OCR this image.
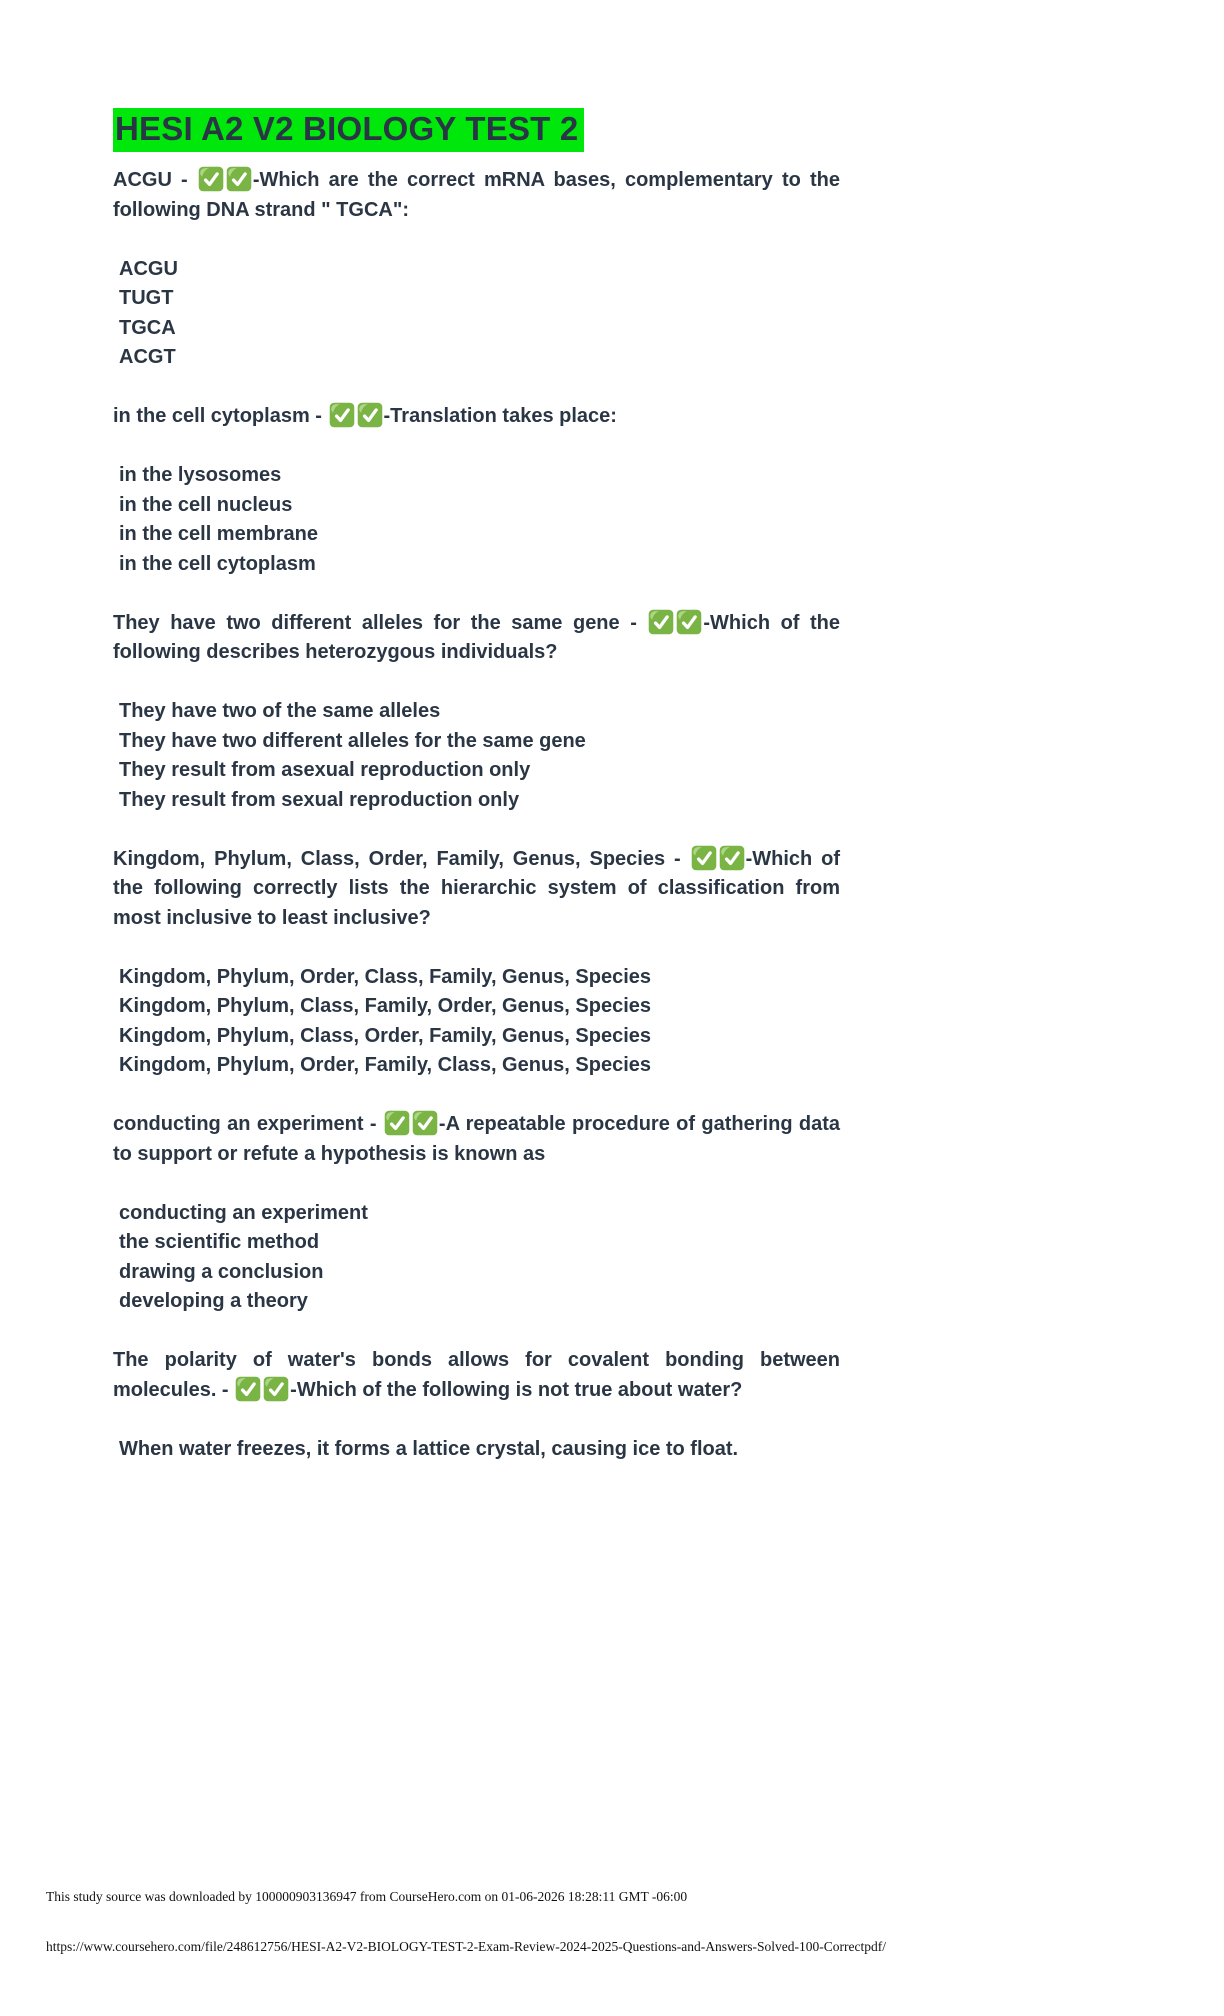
HESI A2 V2 BIOLOGY TEST 2

ACGU -	-Which are the correct mRNA bases, complementary to the following DNA strand " TGCA":

ACGU
TUGT
TGCA
ACGT

in the cell cytoplasm -	-Translation takes place:

in the lysosomes
in the cell nucleus
in the cell membrane
in the cell cytoplasm

They have two different alleles for the same gene -	-Which of the following describes heterozygous individuals?

They have two of the same alleles
They have two different alleles for the same gene
They result from asexual reproduction only
They result from sexual reproduction only

Kingdom, Phylum, Class, Order, Family, Genus, Species -	-Which of the following correctly lists the hierarchic system of classification from most inclusive to least inclusive?

Kingdom, Phylum, Order, Class, Family, Genus, Species
Kingdom, Phylum, Class, Family, Order, Genus, Species
Kingdom, Phylum, Class, Order, Family, Genus, Species
Kingdom, Phylum, Order, Family, Class, Genus, Species

conducting an experiment -	-A repeatable procedure of gathering data to support or refute a hypothesis is known as

conducting an experiment
the scientific method
drawing a conclusion
developing a theory

The polarity of water's bonds allows for covalent bonding between molecules. -	-Which of the following is not true about water?

When water freezes, it forms a lattice crystal, causing ice to float.
This study source was downloaded by 100000903136947 from CourseHero.com on 01-06-2026 18:28:11 GMT -06:00
https://www.coursehero.com/file/248612756/HESI-A2-V2-BIOLOGY-TEST-2-Exam-Review-2024-2025-Questions-and-Answers-Solved-100-Correctpdf/
